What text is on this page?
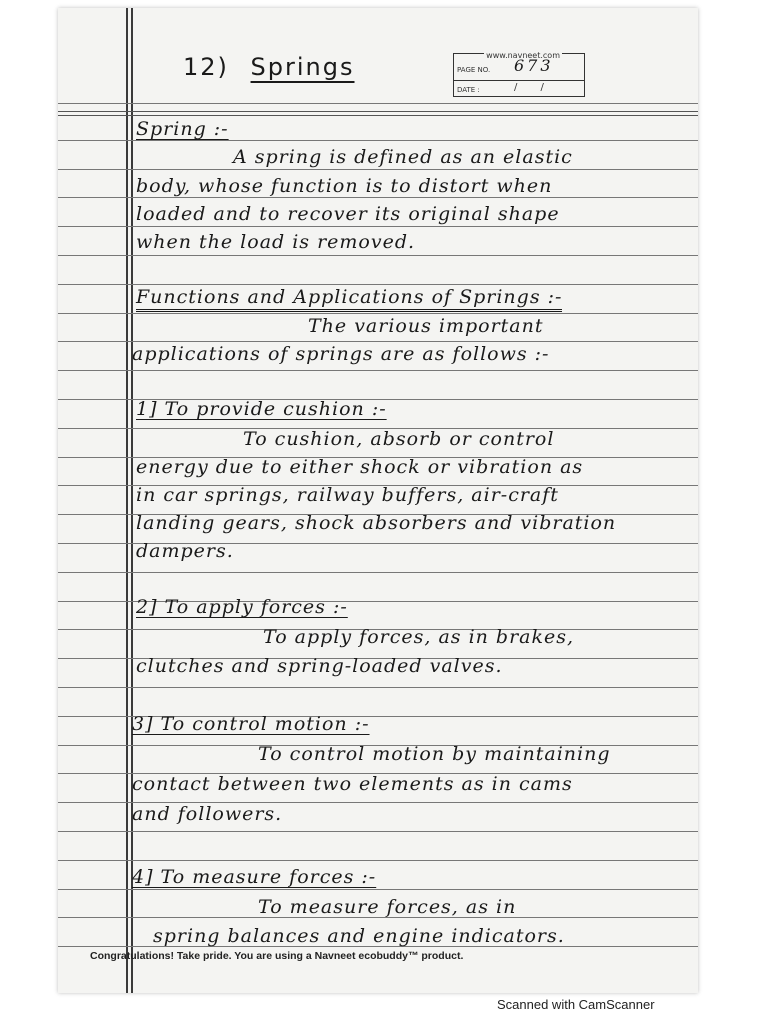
12) Springs	www.navneet.com
PAGE NO. 673
DATE :	/ /
Spring :-
A spring is defined as an elastic
body, whose function is to distort when
loaded and to recover its original shape
when the load is removed.
Functions and Applications of Springs :-
The various important
applications of springs are as follows :-
1] To provide cushion :-
To cushion, absorb or control
energy due to either shock or vibration as
in car springs, railway buffers, air-craft
landing gears, shock absorbers and vibration
dampers.
2] To apply forces :-
To apply forces, as in brakes,
clutches and spring-loaded valves.
3] To control motion :-
To control motion by maintaining
contact between two elements as in cams
and followers.
4] To measure forces :-
To measure forces, as in
spring balances and engine indicators.
Congratulations! Take pride. You are using a Navneet ecobuddy™ product.
Scanned with CamScanner
